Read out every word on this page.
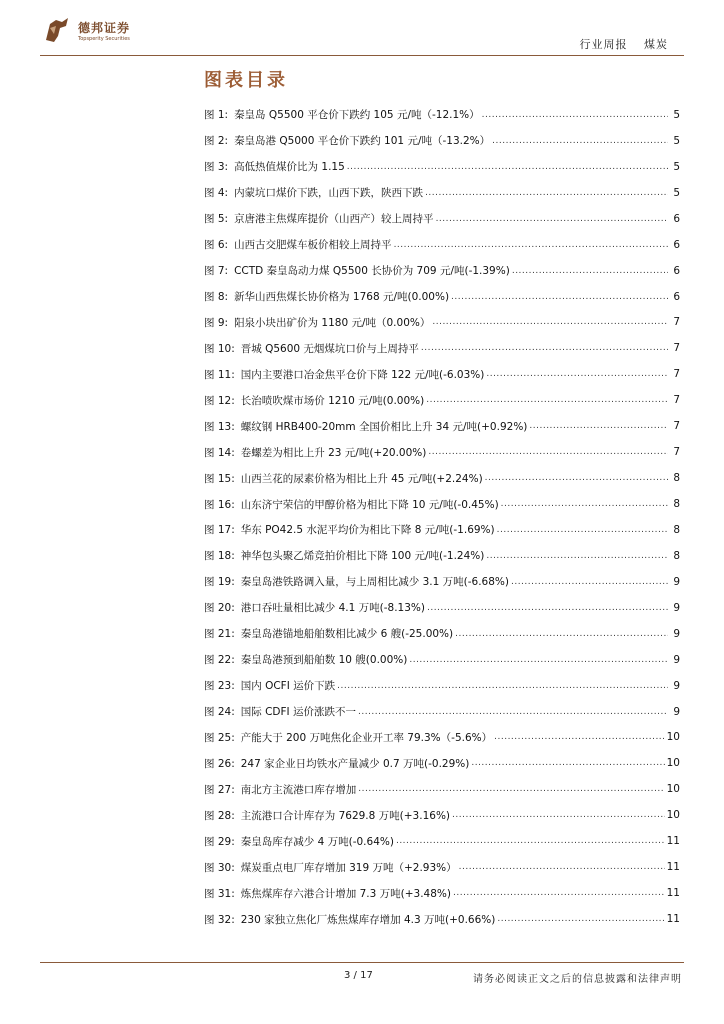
德邦证券
Topsperity Securities	行业周报 煤炭
图表目录
图 1: 秦皇岛 Q5500 平仓价下跌约 105 元/吨（-12.1%） .....	5
图 2: 秦皇岛港 Q5000 平仓价下跌约 101 元/吨（-13.2%） .....	5
图 3: 高低热值煤价比为 1.15 .....	5
图 4: 内蒙坑口煤价下跌，山西下跌，陕西下跌 .....	5
图 5: 京唐港主焦煤库提价（山西产）较上周持平 .....	6
图 6: 山西古交肥煤车板价相较上周持平 .....	6
图 7: CCTD 秦皇岛动力煤 Q5500 长协价为 709 元/吨(-1.39%) .....	6
图 8: 新华山西焦煤长协价格为 1768 元/吨(0.00%) .....	6
图 9: 阳泉小块出矿价为 1180 元/吨（0.00%） .....	7
图 10: 晋城 Q5600 无烟煤坑口价与上周持平 .....	7
图 11: 国内主要港口冶金焦平仓价下降 122 元/吨(-6.03%) .....	7
图 12: 长治喷吹煤市场价 1210 元/吨(0.00%) .....	7
图 13: 螺纹钢 HRB400-20mm 全国价相比上升 34 元/吨(+0.92%) .....	7
图 14: 卷螺差为相比上升 23 元/吨(+20.00%) .....	7
图 15: 山西兰花的尿素价格为相比上升 45 元/吨(+2.24%) .....	8
图 16: 山东济宁荣信的甲醇价格为相比下降 10 元/吨(-0.45%) .....	8
图 17: 华东 PO42.5 水泥平均价为相比下降 8 元/吨(-1.69%) .....	8
图 18: 神华包头聚乙烯竞拍价相比下降 100 元/吨(-1.24%) .....	8
图 19: 秦皇岛港铁路调入量，与上周相比减少 3.1 万吨(-6.68%) .....	9
图 20: 港口吞吐量相比减少 4.1 万吨(-8.13%) .....	9
图 21: 秦皇岛港锚地船舶数相比减少 6 艘(-25.00%) .....	9
图 22: 秦皇岛港预到船舶数 10 艘(0.00%) .....	9
图 23: 国内 OCFI 运价下跌 .....	9
图 24: 国际 CDFI 运价涨跌不一 .....	9
图 25: 产能大于 200 万吨焦化企业开工率 79.3%（-5.6%） .....	10
图 26: 247 家企业日均铁水产量减少 0.7 万吨(-0.29%) .....	10
图 27: 南北方主流港口库存增加 .....	10
图 28: 主流港口合计库存为 7629.8 万吨(+3.16%) .....	10
图 29: 秦皇岛库存减少 4 万吨(-0.64%) .....	11
图 30: 煤炭重点电厂库存增加 319 万吨（+2.93%） .....	11
图 31: 炼焦煤库存六港合计增加 7.3 万吨(+3.48%) .....	11
图 32: 230 家独立焦化厂炼焦煤库存增加 4.3 万吨(+0.66%) .....	11
3 / 17	请务必阅读正文之后的信息披露和法律声明
